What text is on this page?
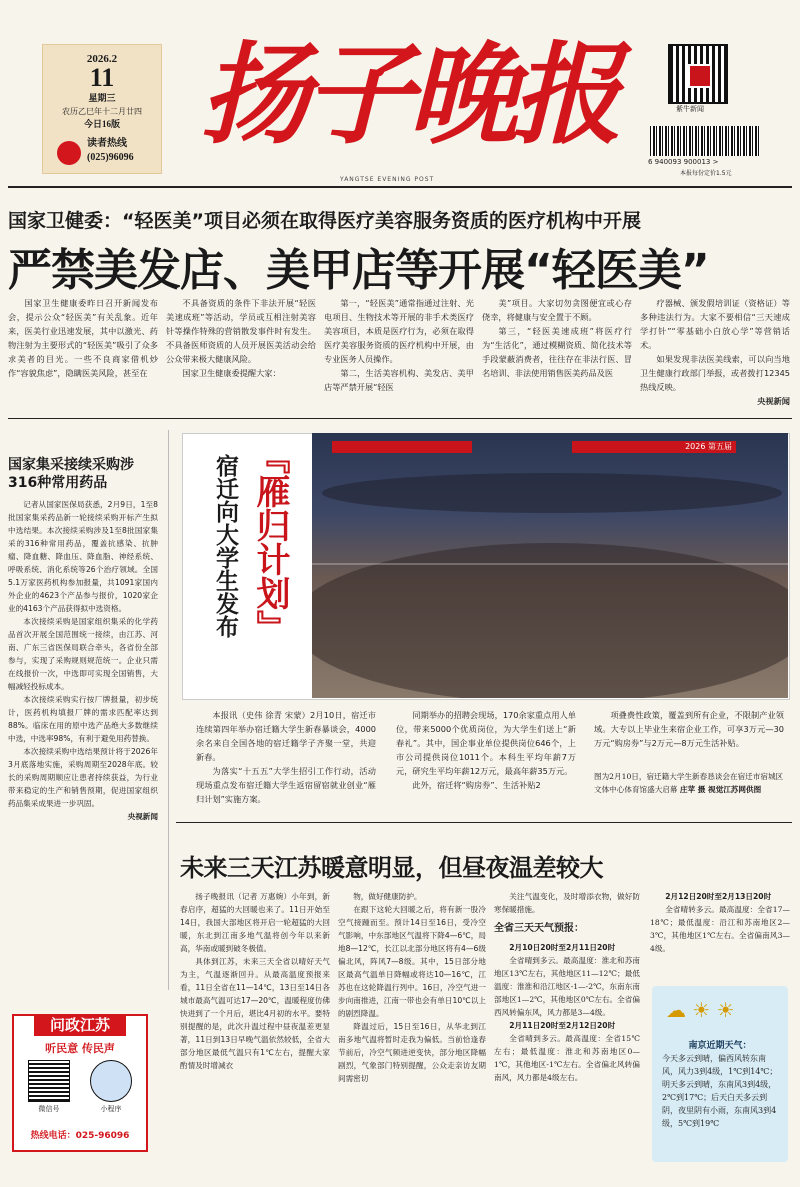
2026.2
11
星期三
农历乙巳年十二月廿四
今日16版
读者热线
(025)96096 扬子晚报
YANGTSE EVENING POST
紫牛新闻
6 940093 900013 >
本报每份定价1.5元
国家卫健委：“轻医美”项目必须在取得医疗美容服务资质的医疗机构中开展
严禁美发店、美甲店等开展“轻医美”

国家卫生健康委昨日召开新闻发布会，提示公众“轻医美”有关乱象。近年来，医美行业迅速发展，其中以激光、药物注射为主要形式的“轻医美”吸引了众多求美者的目光。一些不良商家借机炒作“容貌焦虑”，隐瞒医美风险，甚至在

不具备资质的条件下非法开展“轻医美速成班”等活动，学员或互相注射美容针等操作特殊的营销散发事件时有发生。不具备医师资质的人员开展医美活动会给公众带来极大健康风险。

国家卫生健康委提醒大家：

第一，“轻医美”通常指通过注射、光电项目、生物技术等开展的非手术类医疗美容项目，本质是医疗行为，必须在取得医疗美容服务资质的医疗机构中开展，由专业医务人员操作。

第二，生活美容机构、美发店、美甲店等严禁开展“轻医

美”项目。大家切勿贪图便宜或心存侥幸，将健康与安全置于不顾。

第三，“轻医美速成班”将医疗行为“生活化”，通过模糊资质、简化技术等手段蒙蔽消费者，往往存在非法行医、冒名培训、非法使用销售医美药品及医

疗器械、颁发假培训证（资格证）等多种违法行为。大家不要相信“三天速成学打针”“零基础小白放心学”等营销话术。

如果发现非法医美线索，可以向当地卫生健康行政部门举报，或者拨打12345热线反映。

央视新闻
国家集采接续采购涉316种常用药品

记者从国家医保局获悉，2月9日，1至8批国家集采药品新一轮接续采购开标产生拟中选结果。本次接续采购涉及1至8批国家集采的316种常用药品，覆盖抗感染、抗肿瘤、降血糖、降血压、降血脂、神经系统、呼吸系统、消化系统等26个治疗领域。全国5.1万家医药机构参加报量，共1091家国内外企业的4623个产品参与报价，1020家企业的4163个产品获得拟中选资格。

本次接续采购是国家组织集采的化学药品首次开展全国范围统一接续，由江苏、河南、广东三省医保局联合牵头，各省份全部参与，实现了采购规则规范统一。企业只需在线报价一次，中选即可实现全国销售，大幅减轻投标成本。

本次接续采购实行按厂牌报量，初步统计，医药机构填报厂牌的需求匹配率达到88%。临床在用的原中选产品绝大多数继续中选，中选率98%，有利于避免用药替换。

本次接续采购中选结果预计将于2026年3月底落地实施，采购周期至2028年底。较长的采购周期顺应让患者持续获益，为行业带来稳定的生产和销售预期，促进国家组织药品集采成果进一步巩固。

央视新闻
宿迁向大学生发布 『雁归计划』	2026 第五届

本报讯（史伟 徐青 宋蒙）2月10日，宿迁市连续第四年举办宿迁籍大学生新春暴谈会，4000余名来自全国各地的宿迁籍学子齐聚一堂，共迎新春。

为落实“十五五”大学生招引工作行动，活动现场重点发布宿迁籍大学生返宿留宿就业创业“雁归计划”实施方案。

同期举办的招聘会现场，170余家重点用人单位，带来5000个优质岗位，为大学生们送上“新春礼”。其中，国企事业单位提供岗位646个，上市公司提供岗位1011个。本科生平均年薪7万元，研究生平均年薪12万元，最高年薪35万元。

此外，宿迁将“购房券”、生活补贴2

项叠费性政策，覆盖到所有企业，不限制产业领域。大专以上毕业生来宿企业工作，可享3万元—30万元“购房券”与2万元—8万元生活补贴。

图为2月10日，宿迁籍大学生新春恳谈会在宿迁市宿城区文体中心体育馆盛大启幕 庄苹 摄 视觉江苏网供图
未来三天江苏暖意明显，但昼夜温差较大

扬子晚报讯（记者 万惠婉）小年到，新春启序，超猛的大回暖也来了。11日开始至14日，我国大部地区将开启一轮超猛的大回暖，东北到江南多地气温将创今年以来新高，华南或暖到破冬极值。

具体到江苏，未来三天全省以晴好天气为主，气温逐渐回升。从最高温度预报来看，11日全省在11—14℃，13日至14日各城市最高气温可达17—20℃，温暖程度仿佛快进到了一个月后，堪比4月初的水平。要特别提醒的是，此次升温过程中昼夜温差更显著，11日到13日早晚气温依然较低，全省大部分地区最低气温只有1℃左右，提醒大家酌情及时增减衣

物，做好健康防护。

在跟下这轮大回暖之后，将有新一股冷空气接踵而至。预计14日至16日，受冷空气影响，中东部地区气温将下降4—6℃，局地8—12℃，长江以北部分地区将有4—6级偏北风，阵风7—8级。其中，15日部分地区最高气温单日降幅或将达10—16℃，江苏也在这轮降温行列中。16日，冷空气进一步向南推进，江南一带也会有单日10℃以上的剧烈降温。

降温过后，15日至16日，从华北到江南多地气温将暂时走我为偏低。当前恰逢春节前后，冷空气频进逆变快，部分地区降幅剧烈，气象部门特别提醒，公众走亲访友期间需密切

关注气温变化，及时增添衣物，做好防寒保暖措施。

全省三天天气预报：

2月10日20时至2月11日20时

全省晴到多云。最高温度：淮北和苏南地区13℃左右，其他地区11—12℃；最低温度：淮淮和沿江地区-1—-2℃，东南东南部地区1—2℃，其他地区0℃左右。全省偏西风转偏东风，风力都是3—4级。

2月11日20时至2月12日20时

全省晴到多云。最高温度：全省15℃左右；最低温度：淮北和苏南地区0—1℃，其他地区-1℃左右。全省偏北风转偏南风，风力都是4级左右。

2月12日20时至2月13日20时

全省晴转多云。最高温度：全省17—18℃；最低温度：沿江和苏南地区2—3℃，其他地区1℃左右。全省偏南风3—4级。

☁ ☀ ☀
南京近期天气：
今天多云到晴，偏西风转东南风，风力3到4级，1℃到14℃；明天多云到晴，东南风3到4级，2℃到17℃；后天白天多云到阴，夜里阴有小雨，东南风3到4级，5℃到19℃
问政江苏
听民意 传民声
微信号	小程序
热线电话：025-96096
